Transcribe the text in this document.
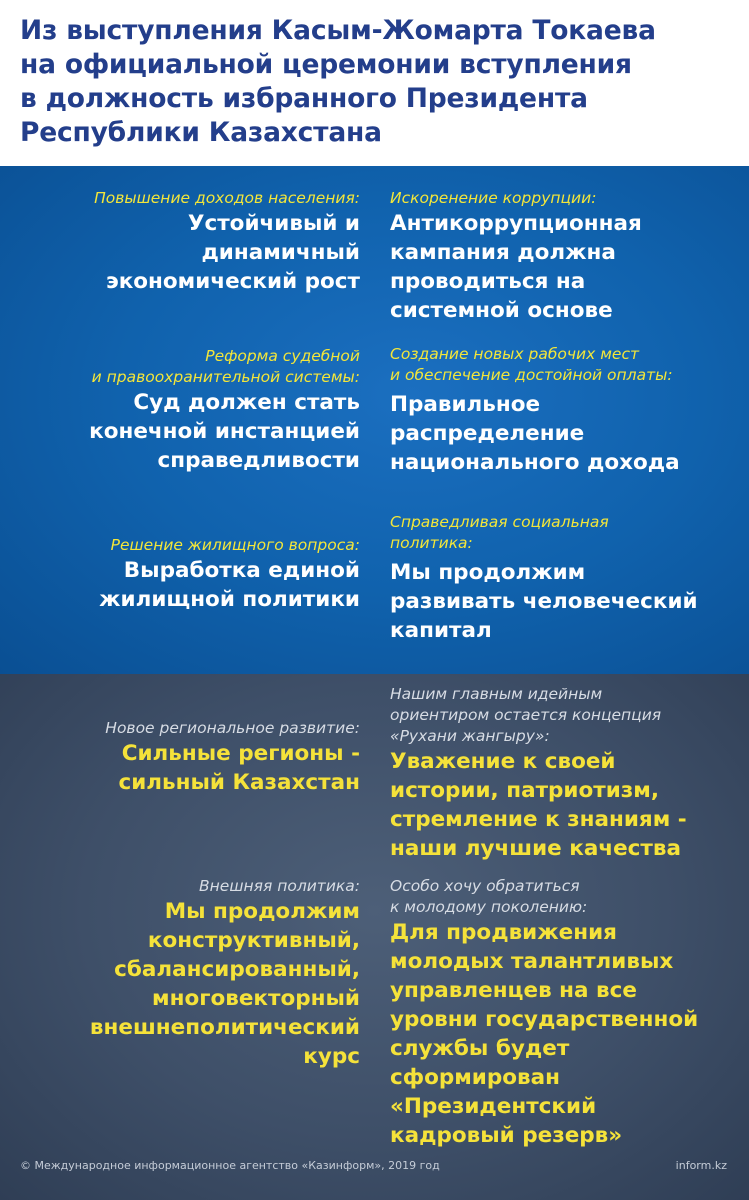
Из выступления Касым-Жомарта Токаева
на официальной церемонии вступления
в должность избранного Президента
Республики Казахстана
Повышение доходов населения:
Устойчивый и
динамичный
экономический рост
Искоренение коррупции:
Антикоррупционная
кампания должна
проводиться на
системной основе
Реформа судебной
и правоохранительной системы:
Суд должен стать
конечной инстанцией
справедливости
Создание новых рабочих мест
и обеспечение достойной оплаты:
Правильное
распределение
национального дохода
Решение жилищного вопроса:
Выработка единой
жилищной политики
Справедливая социальная
политика:
Мы продолжим
развивать человеческий
капитал
Новое региональное развитие:
Сильные регионы -
сильный Казахстан
Нашим главным идейным
ориентиром остается концепция
«Рухани жангыру»:
Уважение к своей
истории, патриотизм,
стремление к знаниям -
наши лучшие качества
Внешняя политика:
Мы продолжим
конструктивный,
сбалансированный,
многовекторный
внешнеполитический
курс
Особо хочу обратиться
к молодому поколению:
Для продвижения
молодых талантливых
управленцев на все
уровни государственной
службы будет
сформирован
«Президентский
кадровый резерв»
© Международное информационное агентство «Казинформ», 2019 год	inform.kz
